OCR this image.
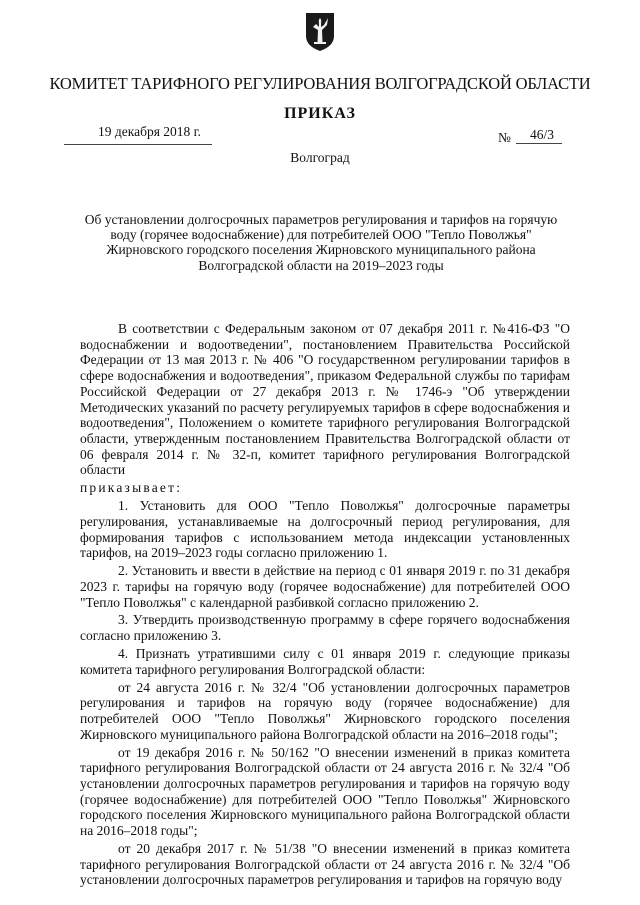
КОМИТЕТ ТАРИФНОГО РЕГУЛИРОВАНИЯ ВОЛГОГРАДСКОЙ ОБЛАСТИ
ПРИКАЗ
19 декабря 2018 г.	№	46/3
Волгоград
Об установлении долгосрочных параметров регулирования и тарифов на горячую воду (горячее водоснабжение) для потребителей ООО "Тепло Поволжья" Жирновского городского поселения Жирновского муниципального района Волгоградской области на 2019–2023 годы

В соответствии с Федеральным законом от 07 декабря 2011 г. №416-ФЗ "О водоснабжении и водоотведении", постановлением Правительства Российской Федерации от 13 мая 2013 г. № 406 "О государственном регулировании тарифов в сфере водоснабжения и водоотведения", приказом Федеральной службы по тарифам Российской Федерации от 27 декабря 2013 г. № 1746-э "Об утверждении Методических указаний по расчету регулируемых тарифов в сфере водоснабжения и водоотведения", Положением о комитете тарифного регулирования Волгоградской области, утвержденным постановлением Правительства Волгоградской области от 06 февраля 2014 г. № 32-п, комитет тарифного регулирования Волгоградской области

приказывает:

1. Установить для ООО "Тепло Поволжья" долгосрочные параметры регулирования, устанавливаемые на долгосрочный период регулирования, для формирования тарифов с использованием метода индексации установленных тарифов, на 2019–2023 годы согласно приложению 1.

2. Установить и ввести в действие на период с 01 января 2019 г. по 31 декабря 2023 г. тарифы на горячую воду (горячее водоснабжение) для потребителей ООО "Тепло Поволжья" с календарной разбивкой согласно приложению 2.

3. Утвердить производственную программу в сфере горячего водоснабжения согласно приложению 3.

4. Признать утратившими силу с 01 января 2019 г. следующие приказы комитета тарифного регулирования Волгоградской области:

от 24 августа 2016 г. № 32/4 "Об установлении долгосрочных параметров регулирования и тарифов на горячую воду (горячее водоснабжение) для потребителей ООО "Тепло Поволжья" Жирновского городского поселения Жирновского муниципального района Волгоградской области на 2016–2018 годы";

от 19 декабря 2016 г. № 50/162 "О внесении изменений в приказ комитета тарифного регулирования Волгоградской области от 24 августа 2016 г. № 32/4 "Об установлении долгосрочных параметров регулирования и тарифов на горячую воду (горячее водоснабжение) для потребителей ООО "Тепло Поволжья" Жирновского городского поселения Жирновского муниципального района Волгоградской области на 2016–2018 годы";

от 20 декабря 2017 г. № 51/38 "О внесении изменений в приказ комитета тарифного регулирования Волгоградской области от 24 августа 2016 г. № 32/4 "Об установлении долгосрочных параметров регулирования и тарифов на горячую воду
